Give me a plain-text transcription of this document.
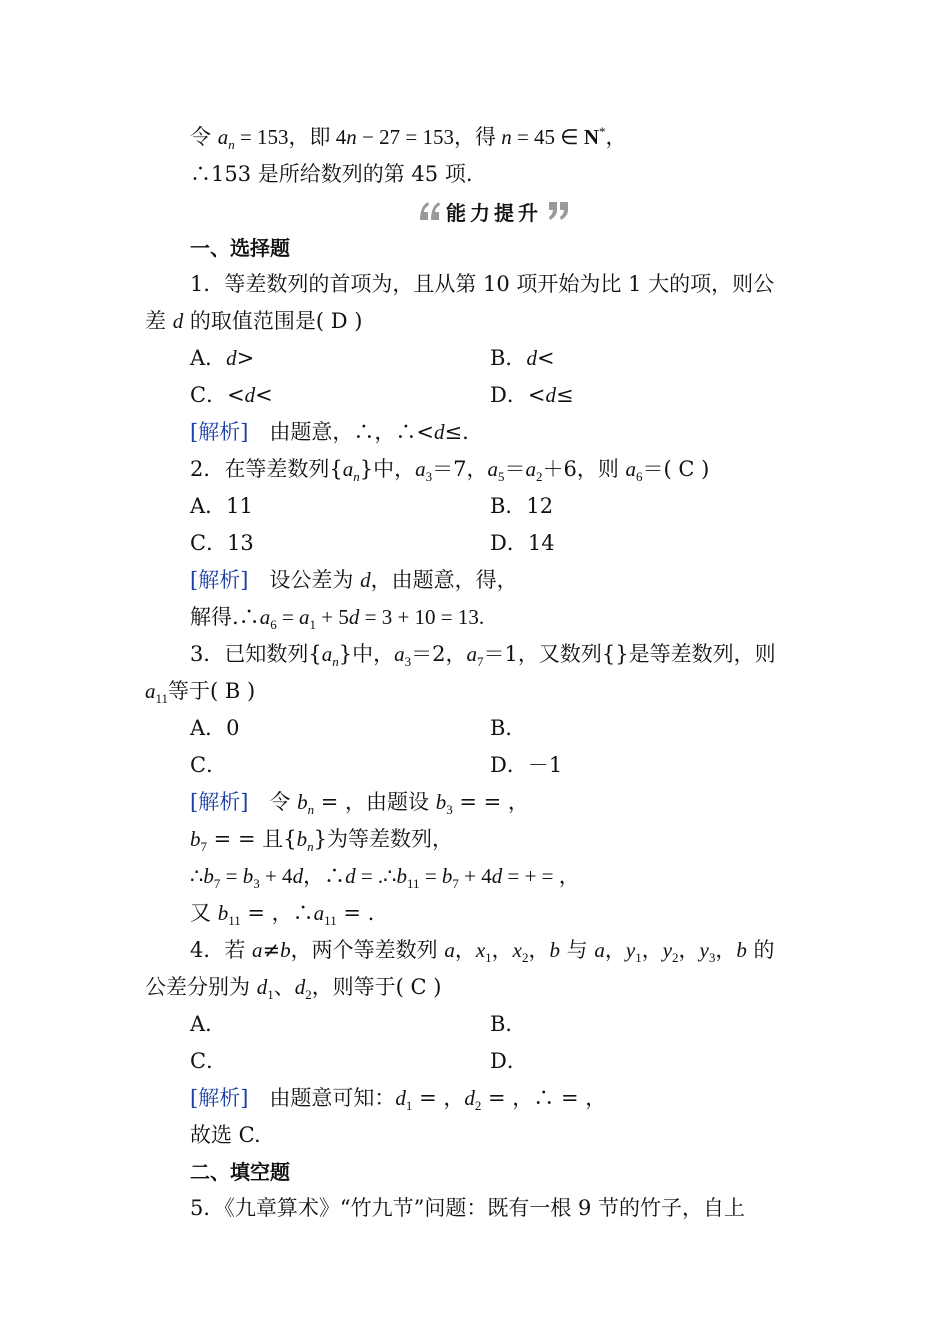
令 $a_n = 153$，即 4n − 27 = 153，得 n = 45 ∈ N*，
∴153 是所给数列的第 45 项.
能力提升
一、选择题
1．等差数列的首项为，且从第 10 项开始为比 1 大的项，则公
差 d 的取值范围是( D )
A．d>	B．d<
C．<d<	D．<d≤
[解析]　由题意，∴，∴<d≤.
2．在等差数列$\{a_n\}$中，$a_3=7$，$a_5=a_2+6$，则 $a_6=$( C )
A．11	B．12
C．13	D．14
[解析]　设公差为 d，由题意，得，
解得$.\therefore a_6 = a_1 + 5d = 3 + 10 = 13$.
3．已知数列$\{a_n\}$中，$a_3=2$，$a_7=1$，又数列{}是等差数列，则
$a_{11}$等于( B )
A．0	B．
C．	D．－1
[解析]　令 $b_n$ = ，由题设 $b_3$ = = ，
$b_7$ = = 且$\{b_n\}$为等差数列，
$\therefore b_7 = b_3 + 4d$，∴d = $.\therefore b_{11} = b_7 + 4d$ = + = ，
又 $b_{11}$ = ，$\therefore a_{11}$ = .
4．若 a≠b，两个等差数列 a，$x_1$，$x_2$，b 与 a，$y_1$，$y_2$，$y_3$，b 的
公差分别为 $d_1$、$d_2$，则等于( C )
A．	B．
C．	D．
[解析]　由题意可知：$d_1$ = ，$d_2$ = ，∴ = ，
故选 C.
二、填空题
5．《九章算术》“竹九节”问题：既有一根 9 节的竹子，自上
